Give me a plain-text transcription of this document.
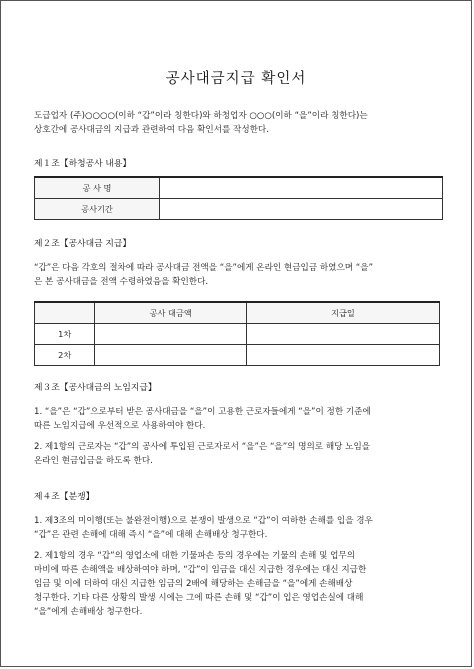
공사대금지급 확인서
도급업자 (주)○○○○(이하 “갑”이라 칭한다)와 하청업자 ○○○(이하 “을”이라 칭한다)는
상호간에 공사대금의 지급과 관련하여 다음 확인서를 작성한다.
제１조【하청공사 내용】
공 사 명	
공사기간	
제２조【공사대금 지급】
“갑”은 다음 각호의 절차에 따라 공사대금 전액을 “을”에게 온라인 현금입금 하였으며 “을”
은 본 공사대금을 전액 수령하였음을 확인한다.
	공사 대금액	지급일
1차		
2차		
제３조【공사대금의 노임지급】
1. “을”은 “갑”으로부터 받은 공사대금을 “을”이 고용한 근로자들에게 “을”이 정한 기준에
따른 노임지급에 우선적으로 사용하여야 한다.
2. 제1항의 근로자는 “갑”의 공사에 투입된 근로자로서 “을”은 “을”의 명의로 해당 노임을
온라인 현금입금을 하도록 한다.
제４조【분쟁】
1. 제3조의 미이행(또는 불완전이행)으로 분쟁이 발생으로 “갑”이 여하한 손해를 입을 경우
“갑”은 관련 손해에 대해 즉시 “을”에 대해 손해배상 청구한다.
2. 제1항의 경우 “갑”의 영업소에 대한 기물파손 등의 경우에는 기물의 손해 및 업무의
마비에 따른 손해액을 배상하여야 하며, “갑”이 임금을 대신 지급한 경우에는 대신 지급한
임금 및 이에 더하여 대신 지급한 임금의 2배에 해당하는 손해금을 “을”에게 손해배상
청구한다. 기타 다른 상황의 발생 시에는 그에 따른 손해 및 “갑”이 입은 영업손실에 대해
“을”에게 손해배상 청구한다.
